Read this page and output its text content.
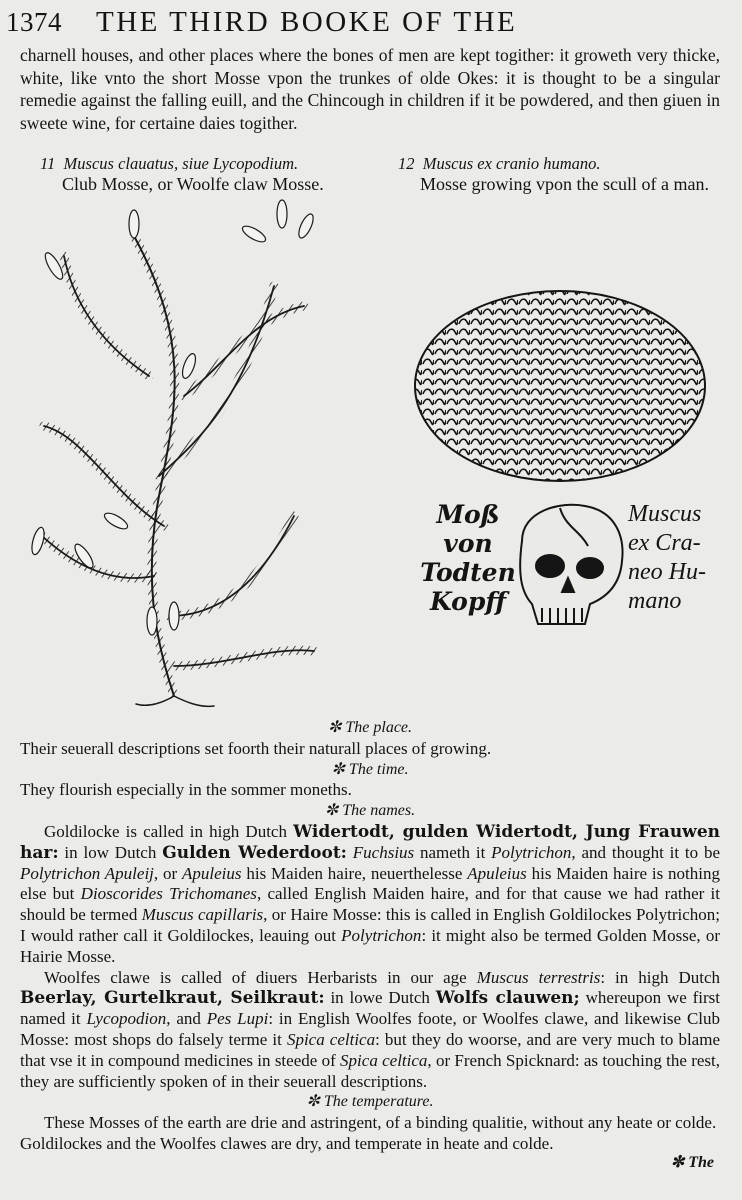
1374 THE THIRD BOOKE OF THE

charnell houses, and other places where the bones of men are kept togither: it groweth very thicke, white, like vnto the short Mosse vpon the trunkes of olde Okes: it is thought to be a singular remedie against the falling euill, and the Chincough in children if it be powdered, and then giuen in sweete wine, for certaine daies togither.

11 Muscus clauatus, siue Lycopodium.
Club Mosse, or Woolfe claw Mosse.
12 Muscus ex cranio humano.
Mosse growing vpon the scull of a man.
Moß
von
Todten
Kopff
Muscus
ex Cra-
neo Hu-
mano

✼ The place.

Their seuerall descriptions set foorth their naturall places of growing.

✼ The time.

They flourish especially in the sommer moneths.

✼ The names.

Goldilocke is called in high Dutch Widertodt, gulden Widertodt, Jung Frauwen har: in low Dutch Gulden Wederdoot: Fuchsius nameth it Polytrichon, and thought it to be Polytrichon Apuleij, or Apuleius his Maiden haire, neuerthelesse Apuleius his Maiden haire is nothing else but Dioscorides Trichomanes, called English Maiden haire, and for that cause we had rather it should be termed Muscus capillaris, or Haire Mosse: this is called in English Goldilockes Polytrichon; I would rather call it Goldilockes, leauing out Polytrichon: it might also be termed Golden Mosse, or Hairie Mosse.

Woolfes clawe is called of diuers Herbarists in our age Muscus terrestris: in high Dutch Beerlay, Gurtelkraut, Seilkraut: in lowe Dutch Wolfs clauwen; whereupon we first named it Lycopodion, and Pes Lupi: in English Woolfes foote, or Woolfes clawe, and likewise Club Mosse: most shops do falsely terme it Spica celtica: but they do woorse, and are very much to blame that vse it in compound medicines in steede of Spica celtica, or French Spicknard: as touching the rest, they are sufficiently spoken of in their seuerall descriptions.

✼ The temperature.

These Mosses of the earth are drie and astringent, of a binding qualitie, without any heate or colde.

Goldilockes and the Woolfes clawes are dry, and temperate in heate and colde.

✼ The
